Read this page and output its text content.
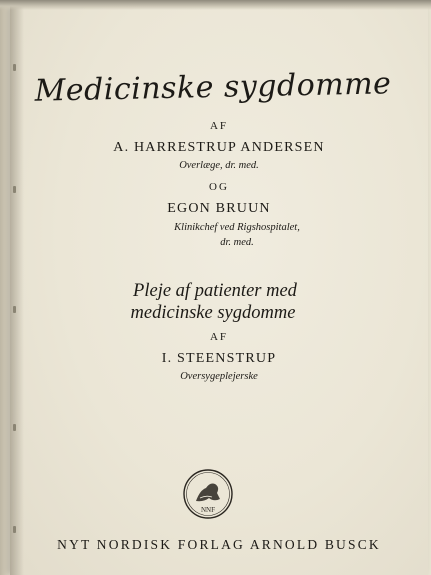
Medicinske sygdomme
AF
A. HARRESTRUP ANDERSEN
Overlæge, dr. med.
OG
EGON BRUUN
Klinikchef ved Rigshospitalet,
dr. med.
Pleje af patienter med
medicinske sygdomme
AF
I. STEENSTRUP
Oversygeplejerske
NNF
NYT NORDISK FORLAG ARNOLD BUSCK
